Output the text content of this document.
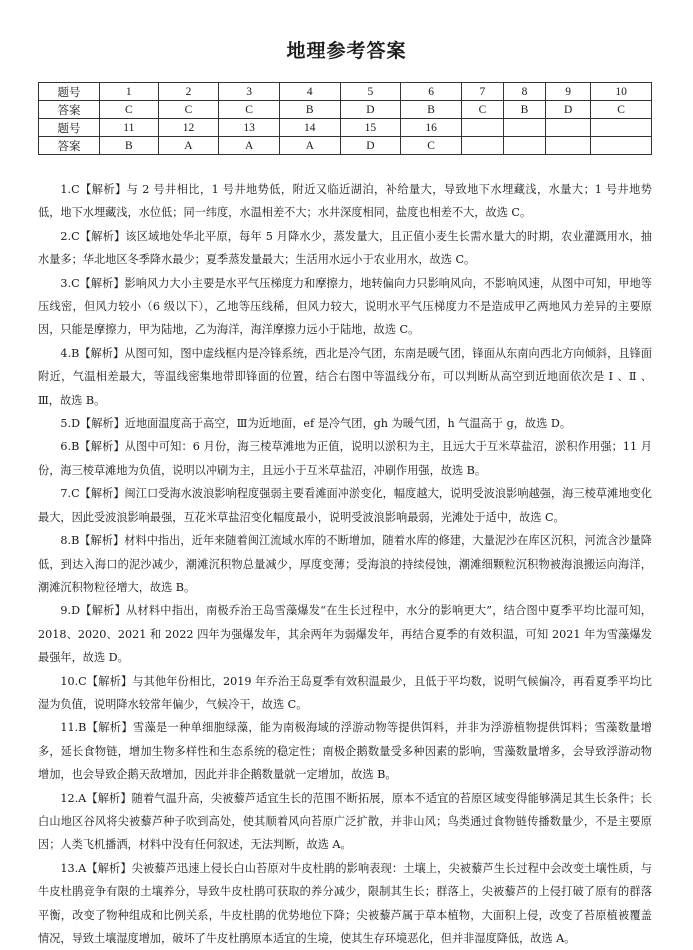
地理参考答案
题号	1	2	3	4	5	6	7	8	9	10
答案	C	C	C	B	D	B	C	B	D	C
题号	11	12	13	14	15	16				
答案	B	A	A	A	D	C				

1.C【解析】与 2 号井相比，1 号井地势低，附近又临近湖泊，补给量大，导致地下水埋藏浅，水量大；1 号井地势低，地下水埋藏浅，水位低；同一纬度，水温相差不大；水井深度相同，盐度也相差不大，故选 C。

2.C【解析】该区域地处华北平原，每年 5 月降水少，蒸发量大，且正值小麦生长需水量大的时期，农业灌溉用水，抽水量多；华北地区冬季降水最少；夏季蒸发量最大；生活用水远小于农业用水，故选 C。

3.C【解析】影响风力大小主要是水平气压梯度力和摩擦力，地转偏向力只影响风向，不影响风速，从图中可知，甲地等压线密，但风力较小（6 级以下），乙地等压线稀，但风力较大，说明水平气压梯度力不是造成甲乙两地风力差异的主要原因，只能是摩擦力，甲为陆地，乙为海洋，海洋摩擦力远小于陆地，故选 C。

4.B【解析】从图可知，图中虚线框内是冷锋系统，西北是冷气团，东南是暖气团，锋面从东南向西北方向倾斜，且锋面附近，气温相差最大，等温线密集地带即锋面的位置，结合右图中等温线分布，可以判断从高空到近地面依次是 Ⅰ 、Ⅱ 、Ⅲ，故选 B。

5.D【解析】近地面温度高于高空，Ⅲ为近地面，ef 是冷气团，gh 为暖气团，h 气温高于 g，故选 D。

6.B【解析】从图中可知：6 月份，海三棱草滩地为正值，说明以淤积为主，且远大于互米草盐沼，淤积作用强；11 月份，海三棱草滩地为负值，说明以冲刷为主，且远小于互米草盐沼，冲刷作用强，故选 B。

7.C【解析】闽江口受海水波浪影响程度强弱主要看滩面冲淤变化，幅度越大，说明受波浪影响越强，海三棱草滩地变化最大，因此受波浪影响最强，互花米草盐沼变化幅度最小，说明受波浪影响最弱，光滩处于适中，故选 C。

8.B【解析】材料中指出，近年来随着闽江流域水库的不断增加，随着水库的修建，大量泥沙在库区沉积，河流含沙量降低，到达入海口的泥沙减少，潮滩沉积物总量减少，厚度变薄；受海浪的持续侵蚀，潮滩细颗粒沉积物被海浪搬运向海洋，潮滩沉积物粒径增大，故选 B。

9.D【解析】从材料中指出，南极乔治王岛雪藻爆发“在生长过程中，水分的影响更大”，结合图中夏季平均比湿可知，2018、2020、2021 和 2022 四年为强爆发年，其余两年为弱爆发年，再结合夏季的有效积温，可知 2021 年为雪藻爆发最强年，故选 D。

10.C【解析】与其他年份相比，2019 年乔治王岛夏季有效积温最少，且低于平均数，说明气候偏冷，再看夏季平均比湿为负值，说明降水较常年偏少，气候冷干，故选 C。

11.B【解析】雪藻是一种单细胞绿藻，能为南极海域的浮游动物等提供饵料，并非为浮游植物提供饵料；雪藻数量增多，延长食物链，增加生物多样性和生态系统的稳定性；南极企鹅数量受多种因素的影响，雪藻数量增多，会导致浮游动物增加，也会导致企鹅天敌增加，因此并非企鹅数量就一定增加，故选 B。

12.A【解析】随着气温升高，尖被藜芦适宜生长的范围不断拓展，原本不适宜的苔原区域变得能够满足其生长条件；长白山地区谷风将尖被藜芦种子吹到高处，使其顺着风向苔原广泛扩散，并非山风；鸟类通过食物链传播数量少，不是主要原因；人类飞机播洒，材料中没有任何叙述，无法判断，故选 A。

13.A【解析】尖被藜芦迅速上侵长白山苔原对牛皮杜鹃的影响表现：土壤上，尖被藜芦生长过程中会改变土壤性质，与牛皮杜鹃竞争有限的土壤养分，导致牛皮杜鹃可获取的养分减少，限制其生长；群落上，尖被藜芦的上侵打破了原有的群落平衡，改变了物种组成和比例关系，牛皮杜鹃的优势地位下降；尖被藜芦属于草本植物，大面积上侵，改变了苔原植被覆盖情况，导致土壤湿度增加，破坏了牛皮杜鹃原本适宜的生境，使其生存环境恶化，但并非湿度降低，故选 A。
